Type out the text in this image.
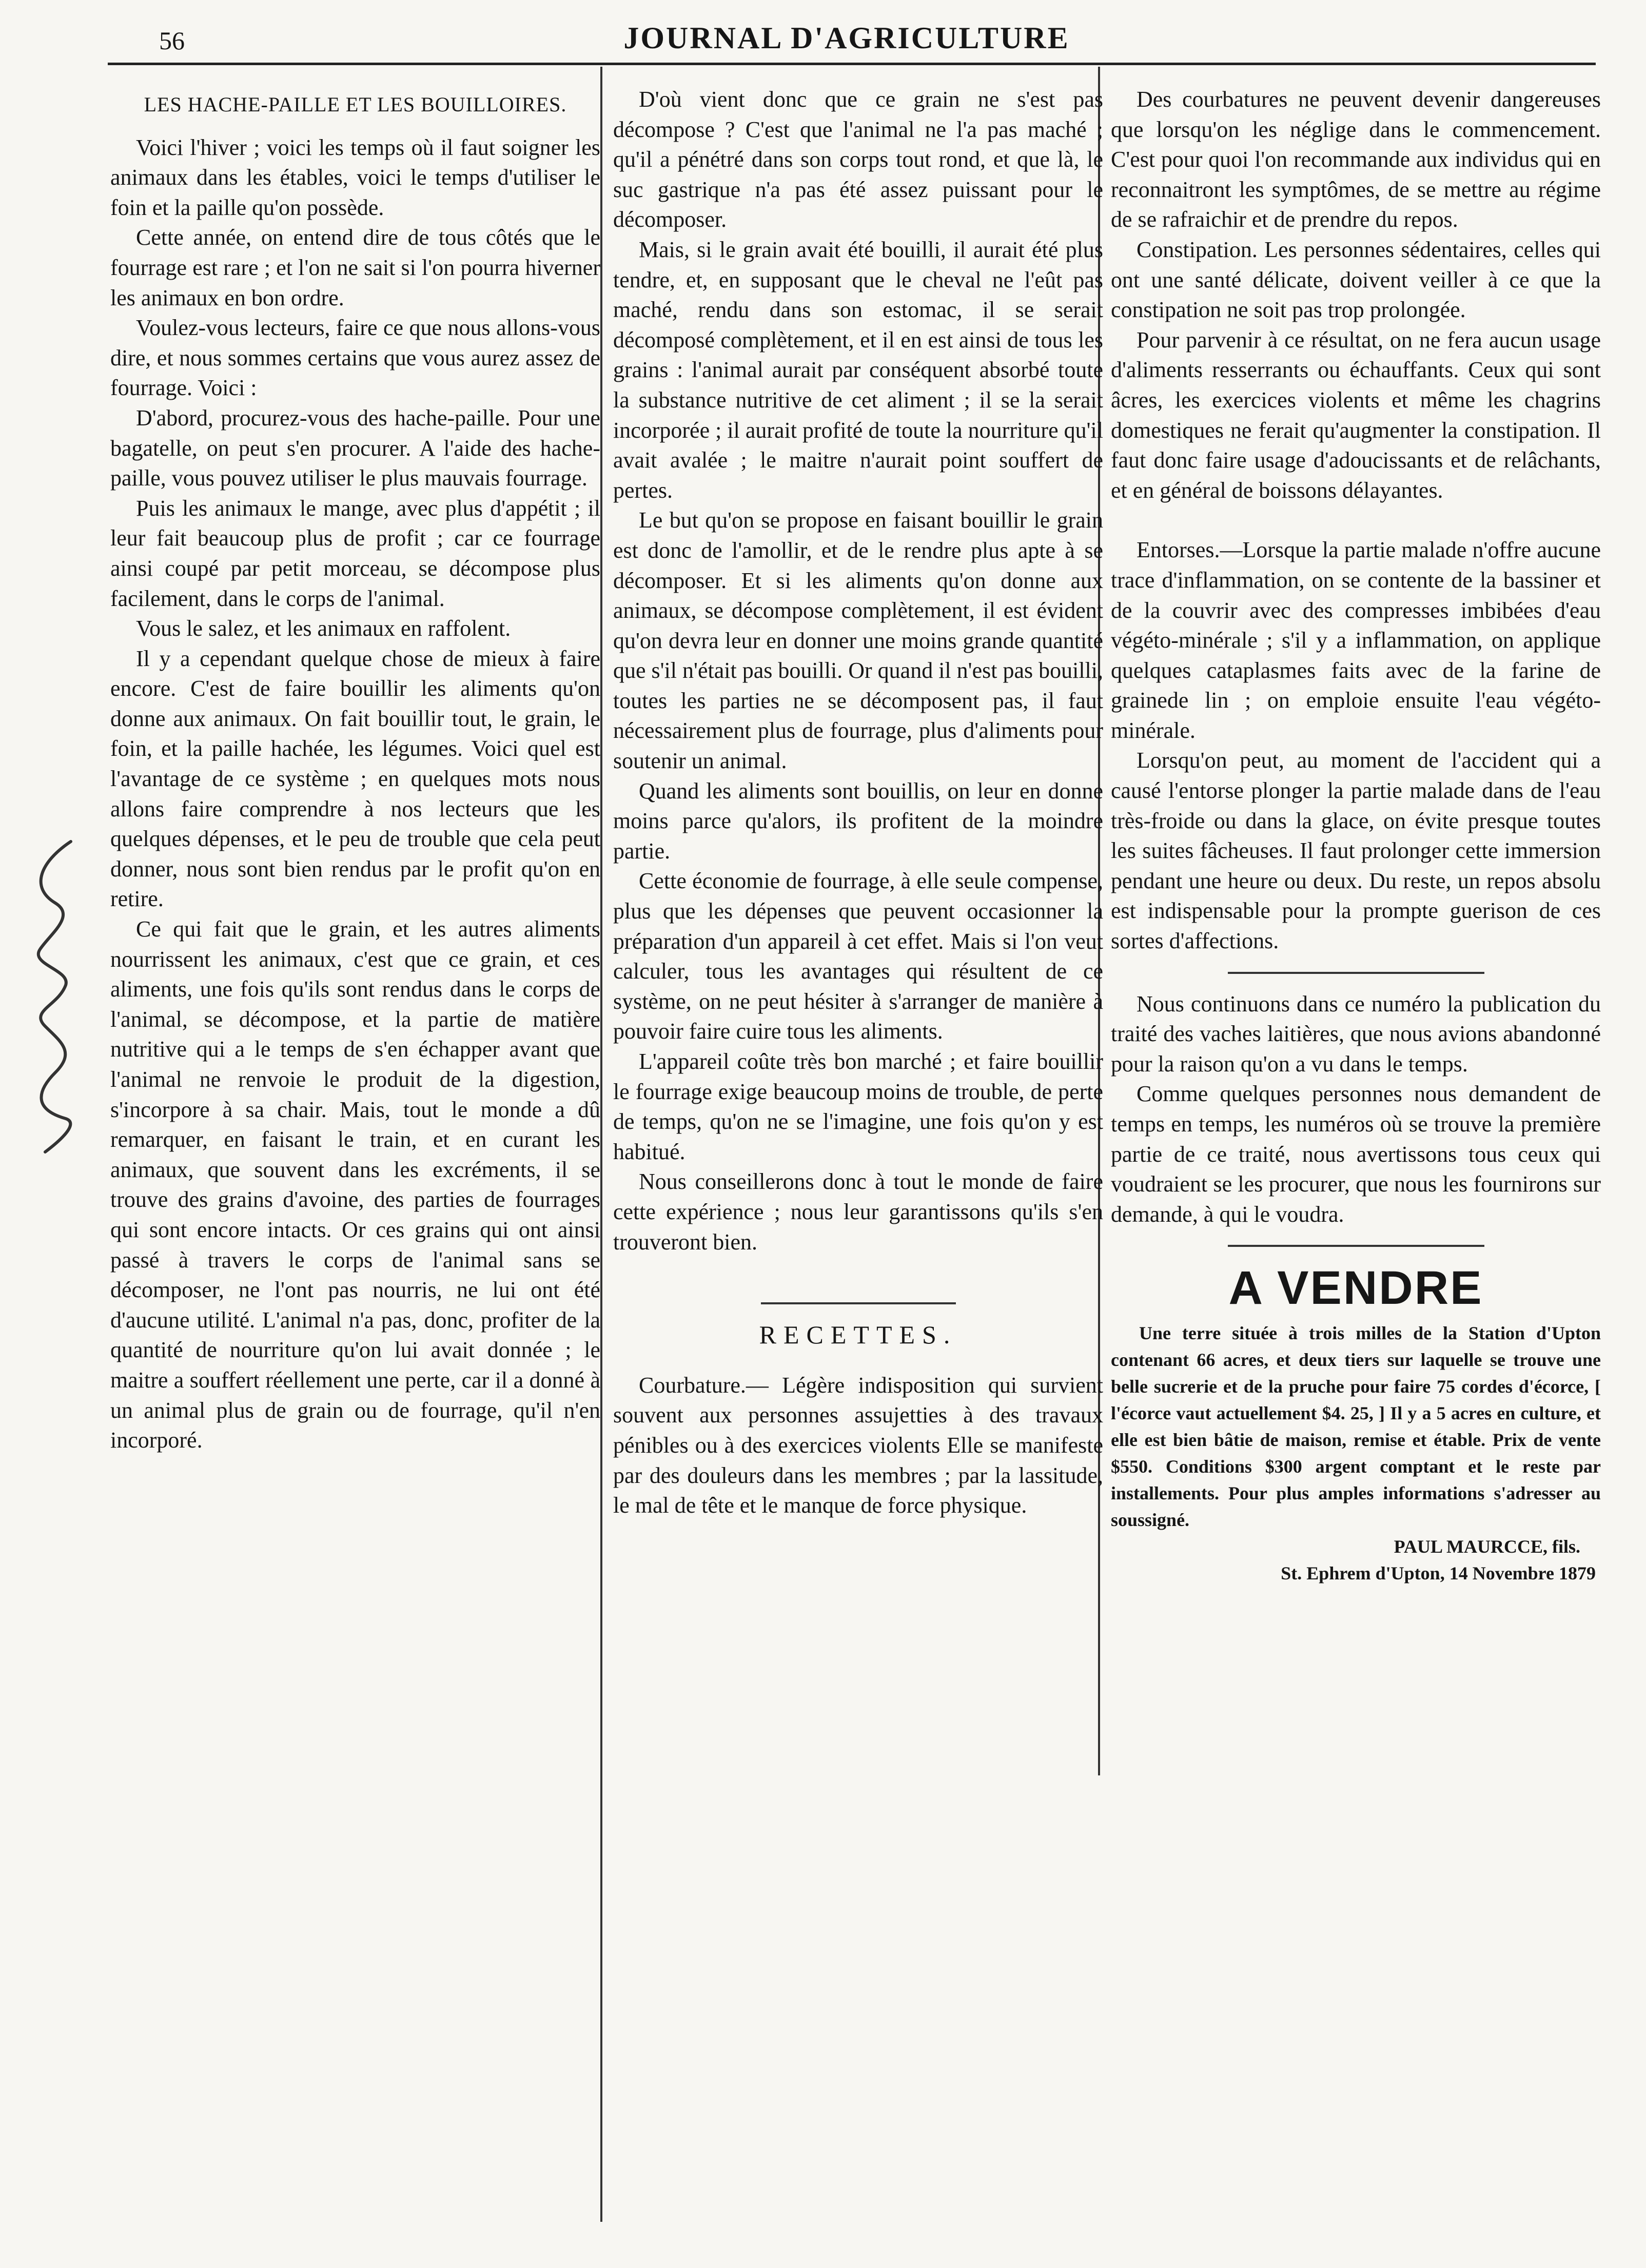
56	JOURNAL D'AGRICULTURE
LES HACHE-PAILLE ET LES BOUILLOIRES.

Voici l'hiver ; voici les temps où il faut soigner les animaux dans les étables, voici le temps d'utiliser le foin et la paille qu'on possède.

Cette année, on entend dire de tous côtés que le fourrage est rare ; et l'on ne sait si l'on pourra hiverner les animaux en bon ordre.

Voulez-vous lecteurs, faire ce que nous allons-vous dire, et nous sommes certains que vous aurez assez de fourrage. Voici :

D'abord, procurez-vous des hache-paille. Pour une bagatelle, on peut s'en procurer. A l'aide des hache-paille, vous pouvez utiliser le plus mauvais fourrage.

Puis les animaux le mange, avec plus d'appétit ; il leur fait beaucoup plus de profit ; car ce fourrage ainsi coupé par petit morceau, se décompose plus facilement, dans le corps de l'animal.

Vous le salez, et les animaux en raffolent.

Il y a cependant quelque chose de mieux à faire encore. C'est de faire bouillir les aliments qu'on donne aux animaux. On fait bouillir tout, le grain, le foin, et la paille hachée, les légumes. Voici quel est l'avantage de ce système ; en quelques mots nous allons faire comprendre à nos lecteurs que les quelques dépenses, et le peu de trouble que cela peut donner, nous sont bien rendus par le profit qu'on en retire.

Ce qui fait que le grain, et les autres aliments nourrissent les animaux, c'est que ce grain, et ces aliments, une fois qu'ils sont rendus dans le corps de l'animal, se décompose, et la partie de matière nutritive qui a le temps de s'en échapper avant que l'animal ne renvoie le produit de la digestion, s'incorpore à sa chair. Mais, tout le monde a dû remarquer, en faisant le train, et en curant les animaux, que souvent dans les excréments, il se trouve des grains d'avoine, des parties de fourrages qui sont encore intacts. Or ces grains qui ont ainsi passé à travers le corps de l'animal sans se décomposer, ne l'ont pas nourris, ne lui ont été d'aucune utilité. L'animal n'a pas, donc, profiter de la quantité de nourriture qu'on lui avait donnée ; le maitre a souffert réellement une perte, car il a donné à un animal plus de grain ou de fourrage, qu'il n'en incorporé.

D'où vient donc que ce grain ne s'est pas décompose ? C'est que l'animal ne l'a pas maché ; qu'il a pénétré dans son corps tout rond, et que là, le suc gastrique n'a pas été assez puissant pour le décomposer.

Mais, si le grain avait été bouilli, il aurait été plus tendre, et, en supposant que le cheval ne l'eût pas maché, rendu dans son estomac, il se serait décomposé complètement, et il en est ainsi de tous les grains : l'animal aurait par conséquent absorbé toute la substance nutritive de cet aliment ; il se la serait incorporée ; il aurait profité de toute la nourriture qu'il avait avalée ; le maitre n'aurait point souffert de pertes.

Le but qu'on se propose en faisant bouillir le grain est donc de l'amollir, et de le rendre plus apte à se décomposer. Et si les aliments qu'on donne aux animaux, se décompose complètement, il est évident qu'on devra leur en donner une moins grande quantité que s'il n'était pas bouilli. Or quand il n'est pas bouilli, toutes les parties ne se décomposent pas, il faut nécessairement plus de fourrage, plus d'aliments pour soutenir un animal.

Quand les aliments sont bouillis, on leur en donne moins parce qu'alors, ils profitent de la moindre partie.

Cette économie de fourrage, à elle seule compense, plus que les dépenses que peuvent occasionner la préparation d'un appareil à cet effet. Mais si l'on veut calculer, tous les avantages qui résultent de ce système, on ne peut hésiter à s'arranger de manière à pouvoir faire cuire tous les aliments.

L'appareil coûte très bon marché ; et faire bouillir le fourrage exige beaucoup moins de trouble, de perte de temps, qu'on ne se l'imagine, une fois qu'on y est habitué.

Nous conseillerons donc à tout le monde de faire cette expérience ; nous leur garantissons qu'ils s'en trouveront bien.

RECETTES.

Courbature.— Légère indisposition qui survient souvent aux personnes assujetties à des travaux pénibles ou à des exercices violents Elle se manifeste par des douleurs dans les membres ; par la lassitude, le mal de tête et le manque de force physique.

Des courbatures ne peuvent devenir dangereuses que lorsqu'on les néglige dans le commencement. C'est pour quoi l'on recommande aux individus qui en reconnaitront les symptômes, de se mettre au régime de se rafraichir et de prendre du repos.

Constipation. Les personnes sédentaires, celles qui ont une santé délicate, doivent veiller à ce que la constipation ne soit pas trop prolongée.

Pour parvenir à ce résultat, on ne fera aucun usage d'aliments resserrants ou échauffants. Ceux qui sont âcres, les exercices violents et même les chagrins domestiques ne ferait qu'augmenter la constipation. Il faut donc faire usage d'adoucissants et de relâchants, et en général de boissons délayantes.

Entorses.—Lorsque la partie malade n'offre aucune trace d'inflammation, on se contente de la bassiner et de la couvrir avec des compresses imbibées d'eau végéto-minérale ; s'il y a inflammation, on applique quelques cataplasmes faits avec de la farine de grainede lin ; on emploie ensuite l'eau végéto-minérale.

Lorsqu'on peut, au moment de l'accident qui a causé l'entorse plonger la partie malade dans de l'eau très-froide ou dans la glace, on évite presque toutes les suites fâcheuses. Il faut prolonger cette immersion pendant une heure ou deux. Du reste, un repos absolu est indispensable pour la prompte guerison de ces sortes d'affections.

Nous continuons dans ce numéro la publication du traité des vaches laitières, que nous avions abandonné pour la raison qu'on a vu dans le temps.

Comme quelques personnes nous demandent de temps en temps, les numéros où se trouve la première partie de ce traité, nous avertissons tous ceux qui voudraient se les procurer, que nous les fournirons sur demande, à qui le voudra.

A VENDRE

Une terre située à trois milles de la Station d'Upton contenant 66 acres, et deux tiers sur laquelle se trouve une belle sucrerie et de la pruche pour faire 75 cordes d'écorce, [ l'écorce vaut actuellement $4. 25, ] Il y a 5 acres en culture, et elle est bien bâtie de maison, remise et étable. Prix de vente $550. Conditions $300 argent comptant et le reste par installements. Pour plus amples informations s'adresser au soussigné.

PAUL MAURCCE, fils.

St. Ephrem d'Upton, 14 Novembre 1879
